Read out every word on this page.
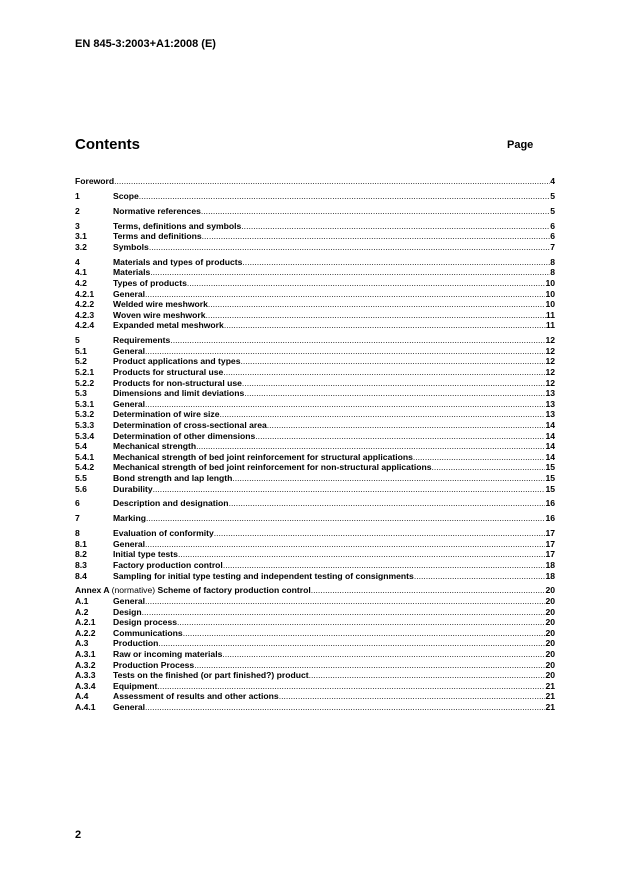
EN 845-3:2003+A1:2008 (E)
Contents	Page
Foreword .....	4
1	Scope .....	5
2	Normative references .....	5
3	Terms, definitions and symbols .....	6
3.1	Terms and definitions .....	6
3.2	Symbols .....	7
4	Materials and types of products .....	8
4.1	Materials .....	8
4.2	Types of products .....	10
4.2.1	General .....	10
4.2.2	Welded wire meshwork .....	10
4.2.3	Woven wire meshwork .....	11
4.2.4	Expanded metal meshwork .....	11
5	Requirements .....	12
5.1	General .....	12
5.2	Product applications and types .....	12
5.2.1	Products for structural use .....	12
5.2.2	Products for non-structural use .....	12
5.3	Dimensions and limit deviations .....	13
5.3.1	General .....	13
5.3.2	Determination of wire size .....	13
5.3.3	Determination of cross-sectional area .....	14
5.3.4	Determination of other dimensions .....	14
5.4	Mechanical strength .....	14
5.4.1	Mechanical strength of bed joint reinforcement for structural applications .....	14
5.4.2	Mechanical strength of bed joint reinforcement for non-structural applications .....	15
5.5	Bond strength and lap length .....	15
5.6	Durability .....	15
6	Description and designation .....	16
7	Marking .....	16
8	Evaluation of conformity .....	17
8.1	General .....	17
8.2	Initial type tests .....	17
8.3	Factory production control .....	18
8.4	Sampling for initial type testing and independent testing of consignments .....	18
Annex A (normative) Scheme of factory production control .....	20
A.1	General .....	20
A.2	Design .....	20
A.2.1	Design process .....	20
A.2.2	Communications .....	20
A.3	Production .....	20
A.3.1	Raw or incoming materials .....	20
A.3.2	Production Process .....	20
A.3.3	Tests on the finished (or part finished?) product .....	20
A.3.4	Equipment .....	21
A.4	Assessment of results and other actions .....	21
A.4.1	General .....	21
2
